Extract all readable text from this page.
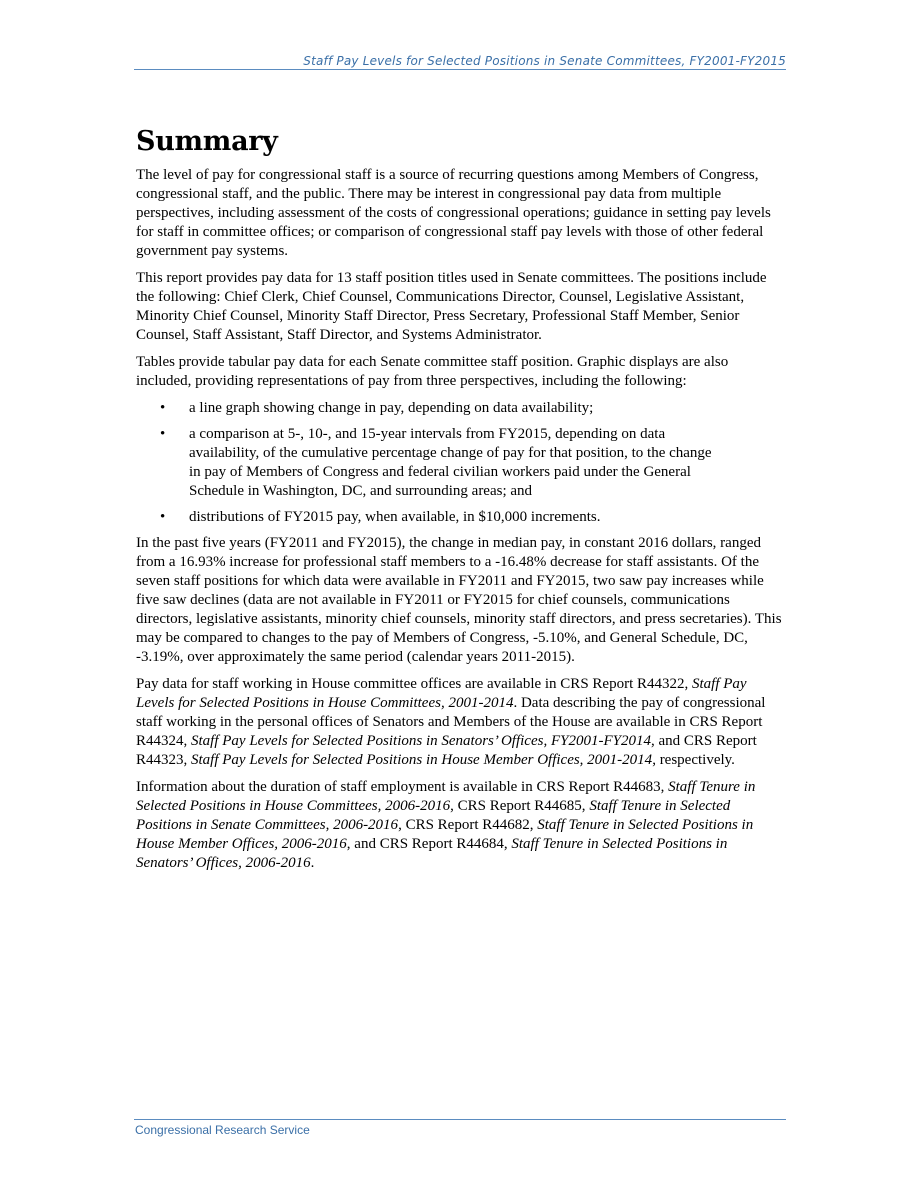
Staff Pay Levels for Selected Positions in Senate Committees, FY2001-FY2015
Summary

The level of pay for congressional staff is a source of recurring questions among Members of Congress, congressional staff, and the public. There may be interest in congressional pay data from multiple perspectives, including assessment of the costs of congressional operations; guidance in setting pay levels for staff in committee offices; or comparison of congressional staff pay levels with those of other federal government pay systems.

This report provides pay data for 13 staff position titles used in Senate committees. The positions include the following: Chief Clerk, Chief Counsel, Communications Director, Counsel, Legislative Assistant, Minority Chief Counsel, Minority Staff Director, Press Secretary, Professional Staff Member, Senior Counsel, Staff Assistant, Staff Director, and Systems Administrator.

Tables provide tabular pay data for each Senate committee staff position. Graphic displays are also included, providing representations of pay from three perspectives, including the following:

• a line graph showing change in pay, depending on data availability;
• a comparison at 5-, 10-, and 15-year intervals from FY2015, depending on data availability, of the cumulative percentage change of pay for that position, to the change in pay of Members of Congress and federal civilian workers paid under the General Schedule in Washington, DC, and surrounding areas; and
• distributions of FY2015 pay, when available, in $10,000 increments.

In the past five years (FY2011 and FY2015), the change in median pay, in constant 2016 dollars, ranged from a 16.93% increase for professional staff members to a -16.48% decrease for staff assistants. Of the seven staff positions for which data were available in FY2011 and FY2015, two saw pay increases while five saw declines (data are not available in FY2011 or FY2015 for chief counsels, communications directors, legislative assistants, minority chief counsels, minority staff directors, and press secretaries). This may be compared to changes to the pay of Members of Congress, -5.10%, and General Schedule, DC, -3.19%, over approximately the same period (calendar years 2011-2015).

Pay data for staff working in House committee offices are available in CRS Report R44322, Staff Pay Levels for Selected Positions in House Committees, 2001-2014. Data describing the pay of congressional staff working in the personal offices of Senators and Members of the House are available in CRS Report R44324, Staff Pay Levels for Selected Positions in Senators’ Offices, FY2001-FY2014, and CRS Report R44323, Staff Pay Levels for Selected Positions in House Member Offices, 2001-2014, respectively.

Information about the duration of staff employment is available in CRS Report R44683, Staff Tenure in Selected Positions in House Committees, 2006-2016, CRS Report R44685, Staff Tenure in Selected Positions in Senate Committees, 2006-2016, CRS Report R44682, Staff Tenure in Selected Positions in House Member Offices, 2006-2016, and CRS Report R44684, Staff Tenure in Selected Positions in Senators’ Offices, 2006-2016.

Congressional Research Service
